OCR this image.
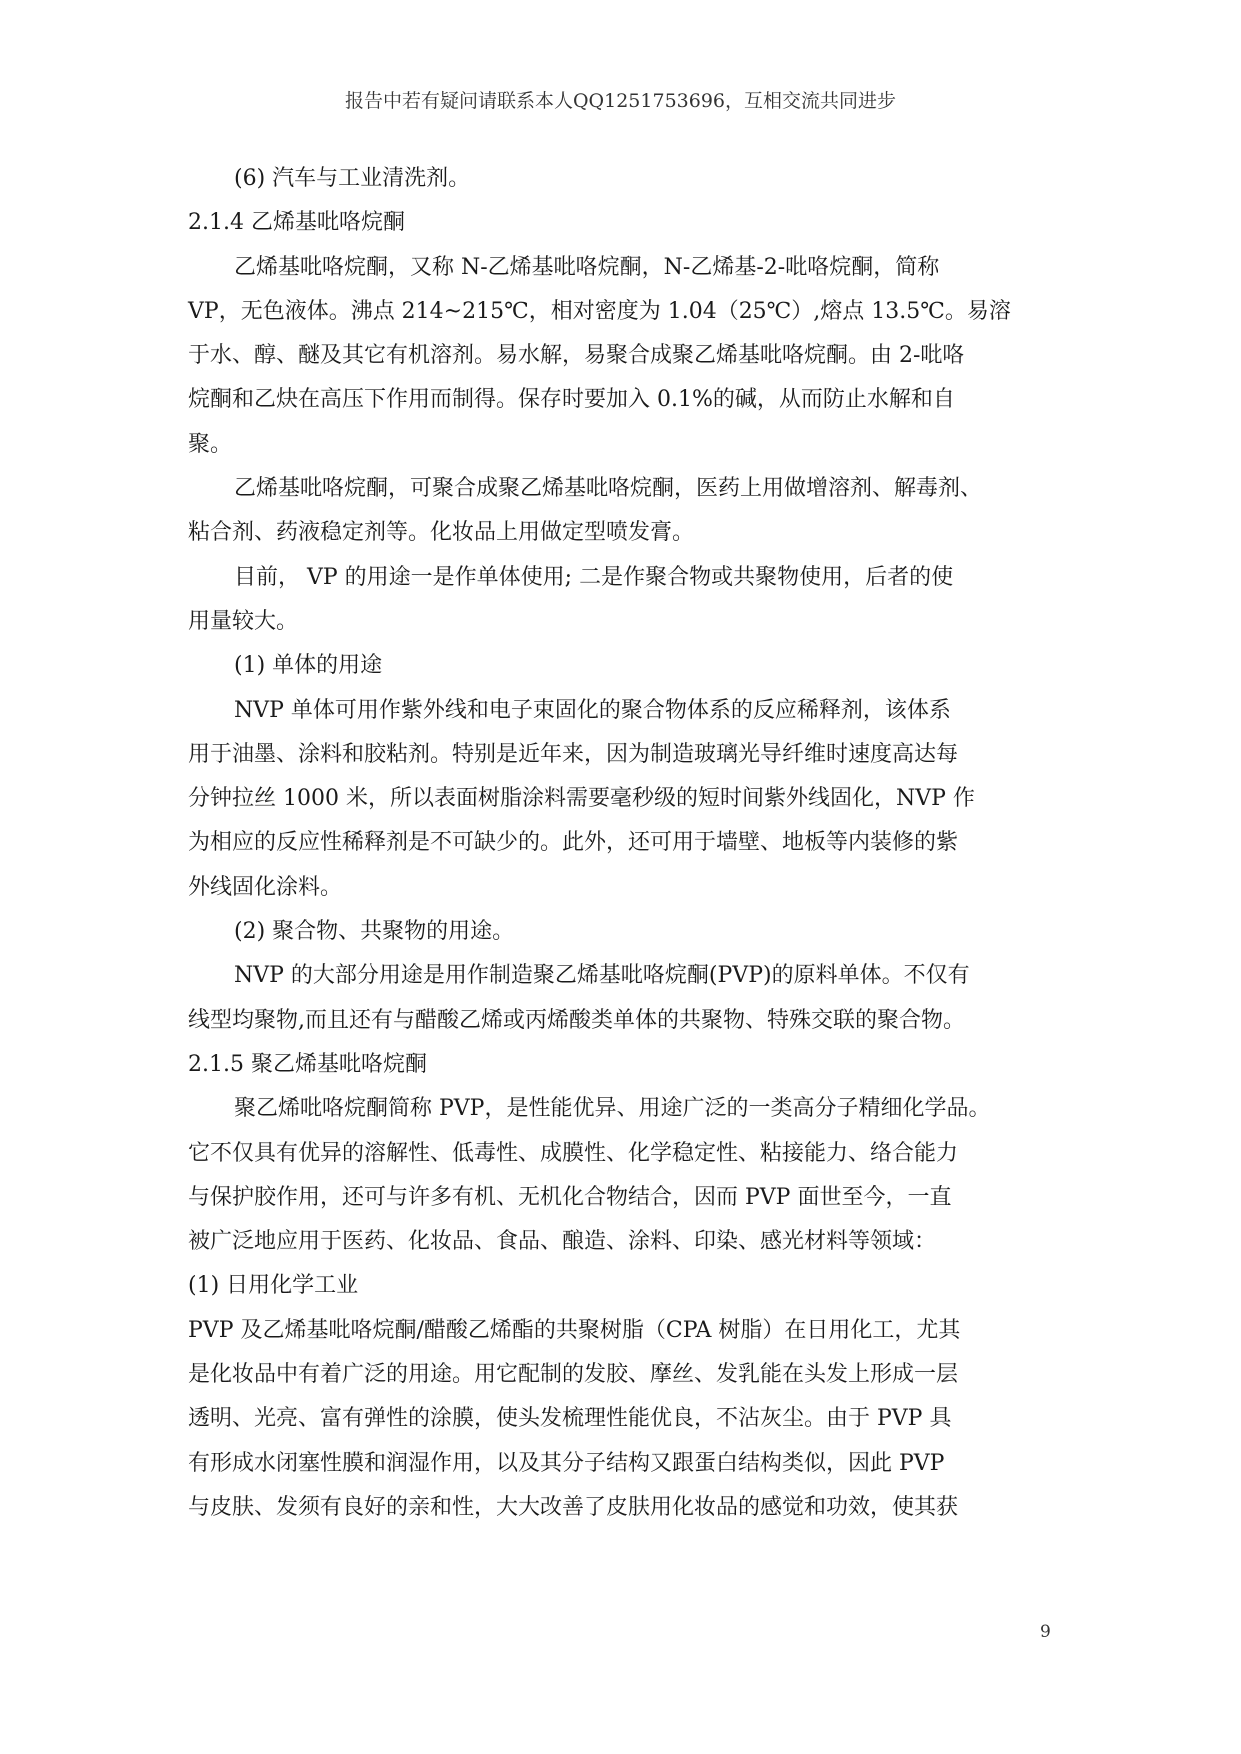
报告中若有疑问请联系本人QQ1251753696，互相交流共同进步

(6) 汽车与工业清洗剂。

2.1.4 乙烯基吡咯烷酮

乙烯基吡咯烷酮，又称 N-乙烯基吡咯烷酮，N-乙烯基-2-吡咯烷酮，简称

VP，无色液体。沸点 214~215℃，相对密度为 1.04（25℃）,熔点 13.5℃。易溶

于水、醇、醚及其它有机溶剂。易水解，易聚合成聚乙烯基吡咯烷酮。由 2-吡咯

烷酮和乙炔在高压下作用而制得。保存时要加入 0.1%的碱，从而防止水解和自

聚。

乙烯基吡咯烷酮，可聚合成聚乙烯基吡咯烷酮，医药上用做增溶剂、解毒剂、

粘合剂、药液稳定剂等。化妆品上用做定型喷发膏。

目前， VP 的用途一是作单体使用; 二是作聚合物或共聚物使用，后者的使

用量较大。

(1) 单体的用途

NVP 单体可用作紫外线和电子束固化的聚合物体系的反应稀释剂，该体系

用于油墨、涂料和胶粘剂。特别是近年来，因为制造玻璃光导纤维时速度高达每

分钟拉丝 1000 米，所以表面树脂涂料需要毫秒级的短时间紫外线固化，NVP 作

为相应的反应性稀释剂是不可缺少的。此外，还可用于墙壁、地板等内装修的紫

外线固化涂料。

(2) 聚合物、共聚物的用途。

NVP 的大部分用途是用作制造聚乙烯基吡咯烷酮(PVP)的原料单体。不仅有

线型均聚物,而且还有与醋酸乙烯或丙烯酸类单体的共聚物、特殊交联的聚合物。

2.1.5 聚乙烯基吡咯烷酮

聚乙烯吡咯烷酮简称 PVP，是性能优异、用途广泛的一类高分子精细化学品。

它不仅具有优异的溶解性、低毒性、成膜性、化学稳定性、粘接能力、络合能力

与保护胶作用，还可与许多有机、无机化合物结合，因而 PVP 面世至今，一直

被广泛地应用于医药、化妆品、食品、酿造、涂料、印染、感光材料等领域：

(1) 日用化学工业

PVP 及乙烯基吡咯烷酮/醋酸乙烯酯的共聚树脂（CPA 树脂）在日用化工，尤其

是化妆品中有着广泛的用途。用它配制的发胶、摩丝、发乳能在头发上形成一层

透明、光亮、富有弹性的涂膜，使头发梳理性能优良，不沾灰尘。由于 PVP 具

有形成水闭塞性膜和润湿作用，以及其分子结构又跟蛋白结构类似，因此 PVP

与皮肤、发须有良好的亲和性，大大改善了皮肤用化妆品的感觉和功效，使其获

9
